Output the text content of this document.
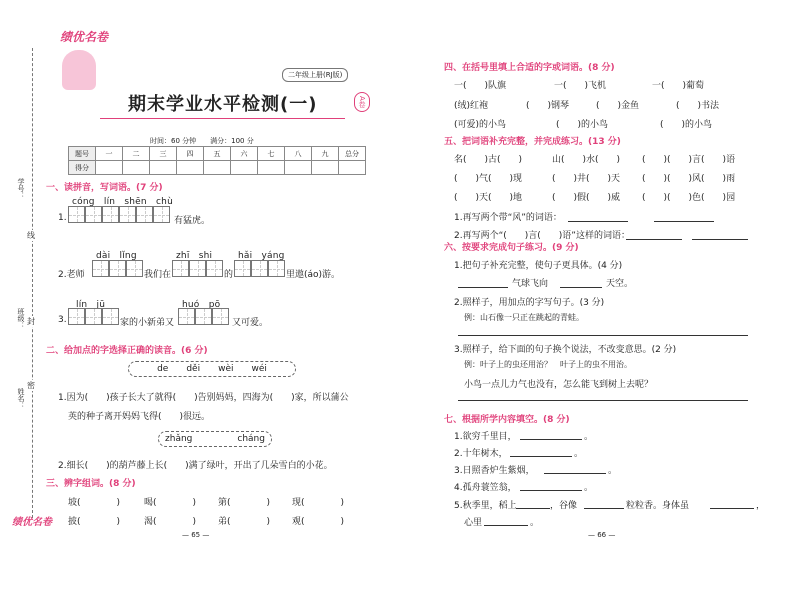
学号：
班级：
姓名：
线
封
密
绩优名卷
二年级上册(RJ版)
期末学业水平检测(一)	A卷
时间：60 分钟　　满分：100 分
题号	一	二	三	四	五	六	七	八	九	总分
得分										
一、读拼音，写词语。(7 分)
cóng　lín　shēn　chù
1.	有猛虎。
dài　lǐng	zhī　shi	hǎi　yáng
2.老师	我们在	的	里遨(áo)游。
lín　jū	huó　pō
3.	家的小新弟又	又可爱。
二、给加点的字选择正确的读音。(6 分)
de　　děi　　wèi　　wéi
1.因为(　　)孩子长大了就得(　　)告别妈妈，四海为(　　)家，所以蒲公
英的种子离开妈妈飞得(　　)很远。
zhǎng　　　　　cháng
2.细长(　　)的葫芦藤上长(　　)满了绿叶，开出了几朵雪白的小花。
三、辨字组词。(8 分)
坡(　　　　)	喝(　　　　) 第(　　　　) 现(　　　　)
披(　　　　)	渴(　　　　) 弟(　　　　) 观(　　　　)
绩优名卷
— 65 —
四、在括号里填上合适的字或词语。(8 分)
一(　　)队旗	一(　　)飞机	一(　　)葡萄
(绒)红袍	(　　)钢琴	(　　)金鱼	(　　)书法
(可爱)的小鸟	(　　)的小鸟	(　　)的小鸟
五、把词语补充完整，并完成练习。(13 分)
名(　　)古(　　)	山(　　)水(　　) (　　)(　　)言(　　)语
(　　)气(　　)现	(　　)井(　　)天 (　　)(　　)风(　　)雨
(　　)天(　　)地	(　　)假(　　)威 (　　)(　　)色(　　)园
1.再写两个带“风”的词语：
2.再写两个“(　　)言(　　)语”这样的词语：
六、按要求完成句子练习。(9 分)
1.把句子补充完整，使句子更具体。(4 分)
气球飞向	天空。
2.照样子，用加点的字写句子。(3 分)
例：山石像一只正在跳起的青蛙。
3.照样子，给下面的句子换个说法，不改变意思。(2 分)
例：叶子上的虫还用治？　叶子上的虫不用治。
小鸟一点儿力气也没有，怎么能飞到树上去呢？
七、根据所学内容填空。(8 分)
1.欲穷千里目，	。
2.十年树木，	。
3.日照香炉生紫烟，	。
4.孤舟蓑笠翁，	。
5.秋季里，稻上	，谷像	粒粒香。身体虽	，
心里	。
— 66 —
